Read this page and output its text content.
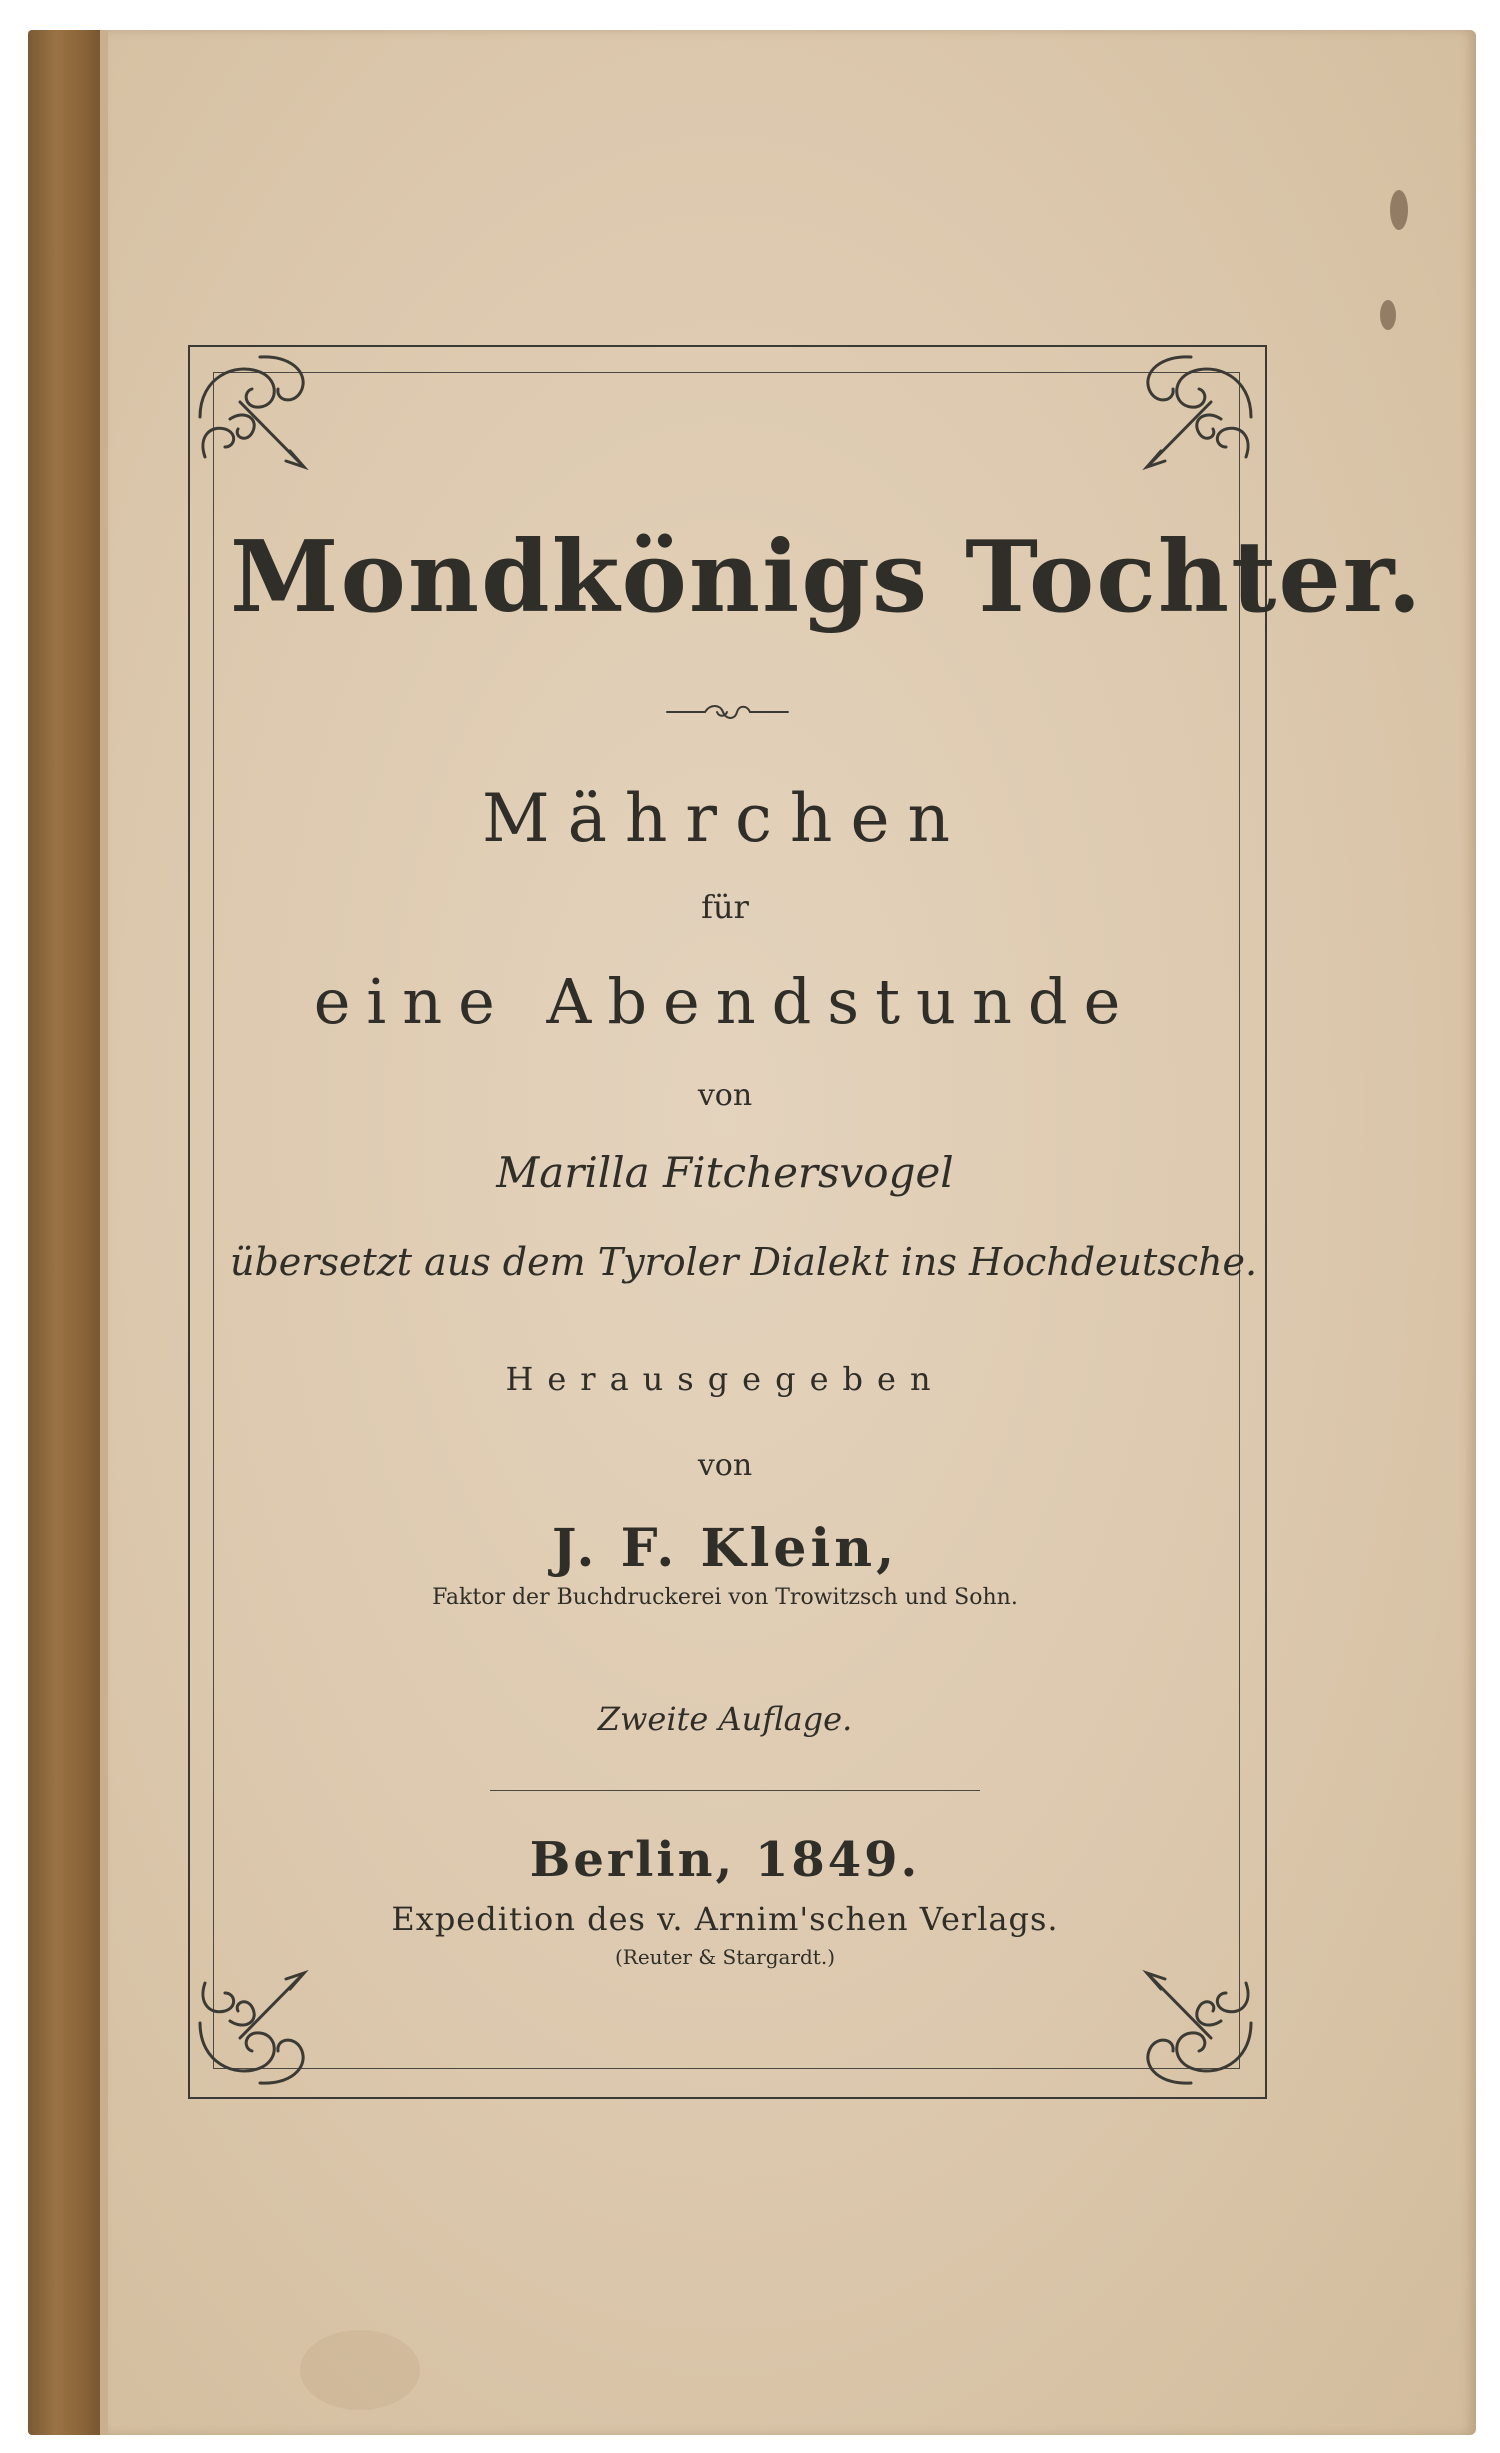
Mondkönigs Tochter.
Mährchen
für
eine Abendstunde
von
Marilla Fitchersvogel
übersetzt aus dem Tyroler Dialekt ins Hochdeutsche.
Herausgegeben
von
J. F. Klein,
Faktor der Buchdruckerei von Trowitzsch und Sohn.
Zweite Auflage.
Berlin, 1849.
Expedition des v. Arnim'schen Verlags.
(Reuter & Stargardt.)
